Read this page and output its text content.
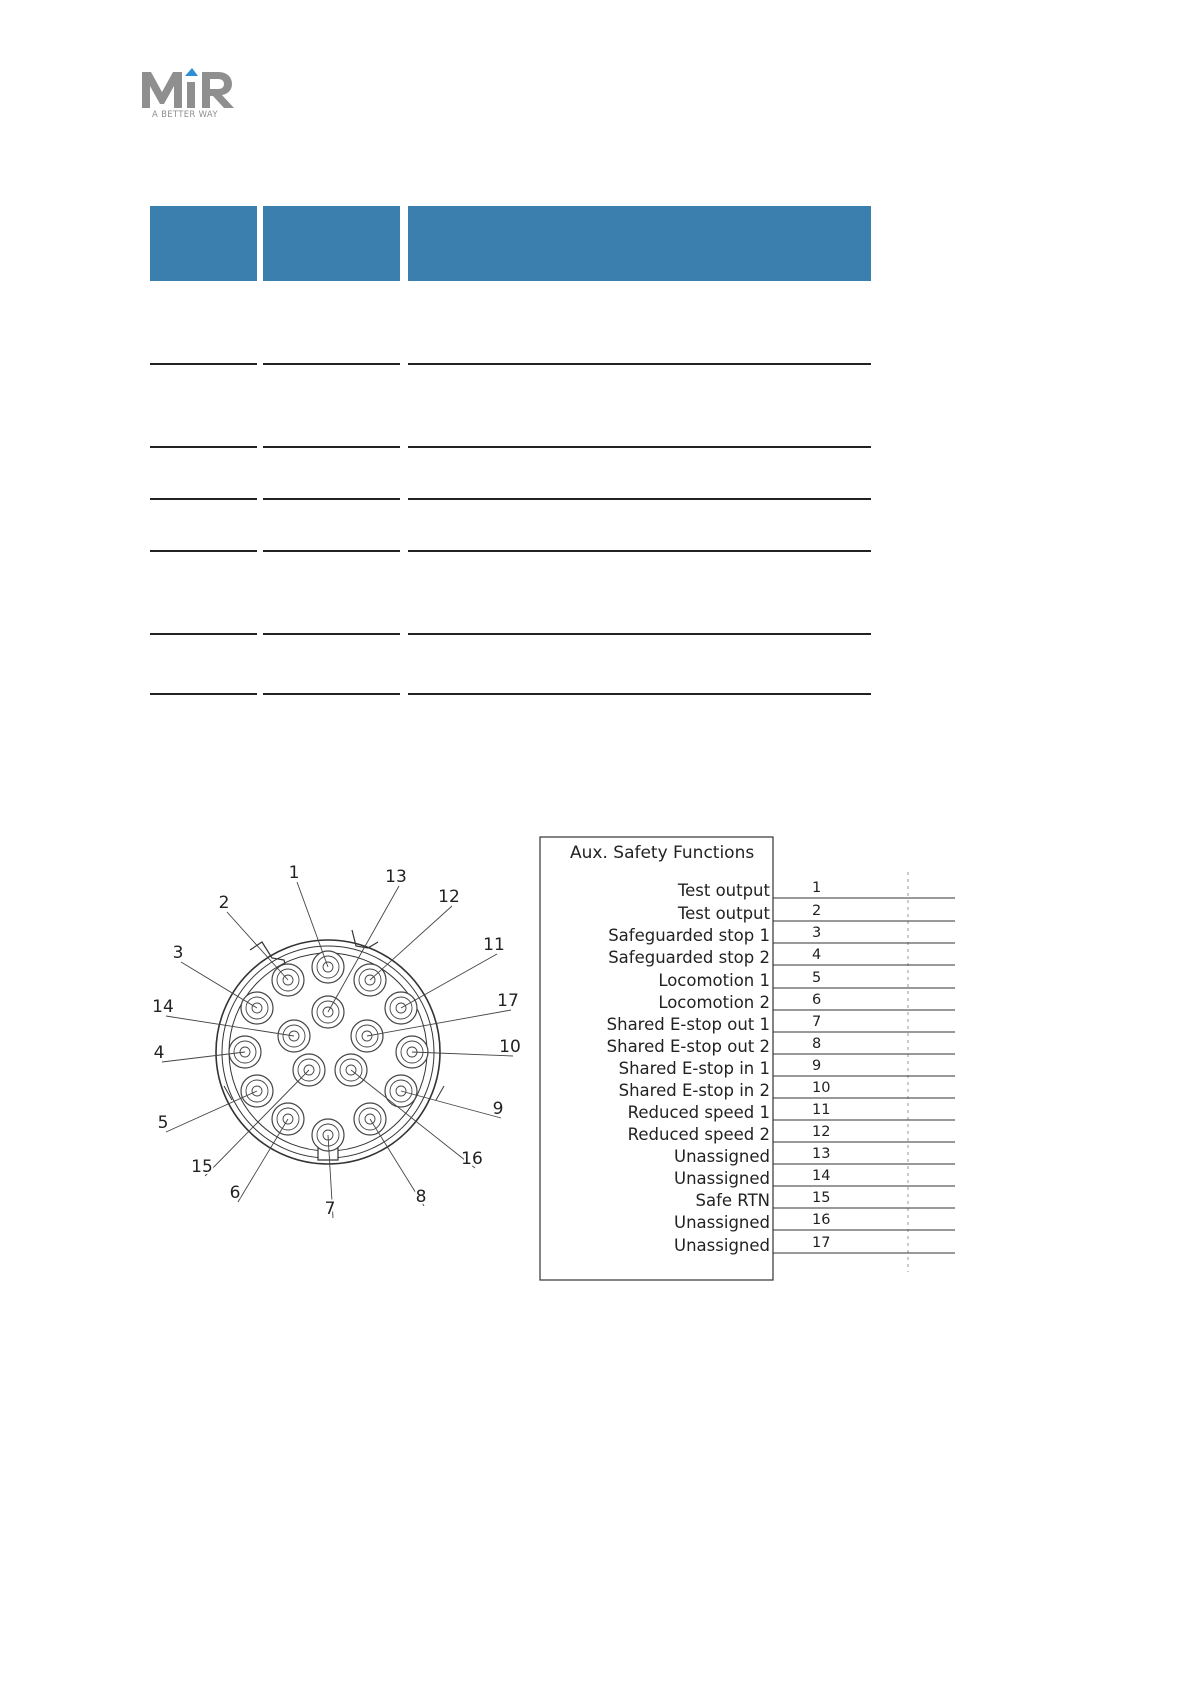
A BETTER WAY
1	13
12
2
11
3
14	17
4	10
5
9
15	16
6	8
7
Aux. Safety Functions
Test output	1
Test output	2
Safeguarded stop 1	3
Safeguarded stop 2	4
Locomotion 1	5
Locomotion 2	6
Shared E-stop out 1	7
Shared E-stop out 2	8
Shared E-stop in 1	9
Shared E-stop in 2	10
Reduced speed 1	11
Reduced speed 2	12
Unassigned	13
Unassigned	14
Safe RTN	15
Unassigned	16
Unassigned	17
